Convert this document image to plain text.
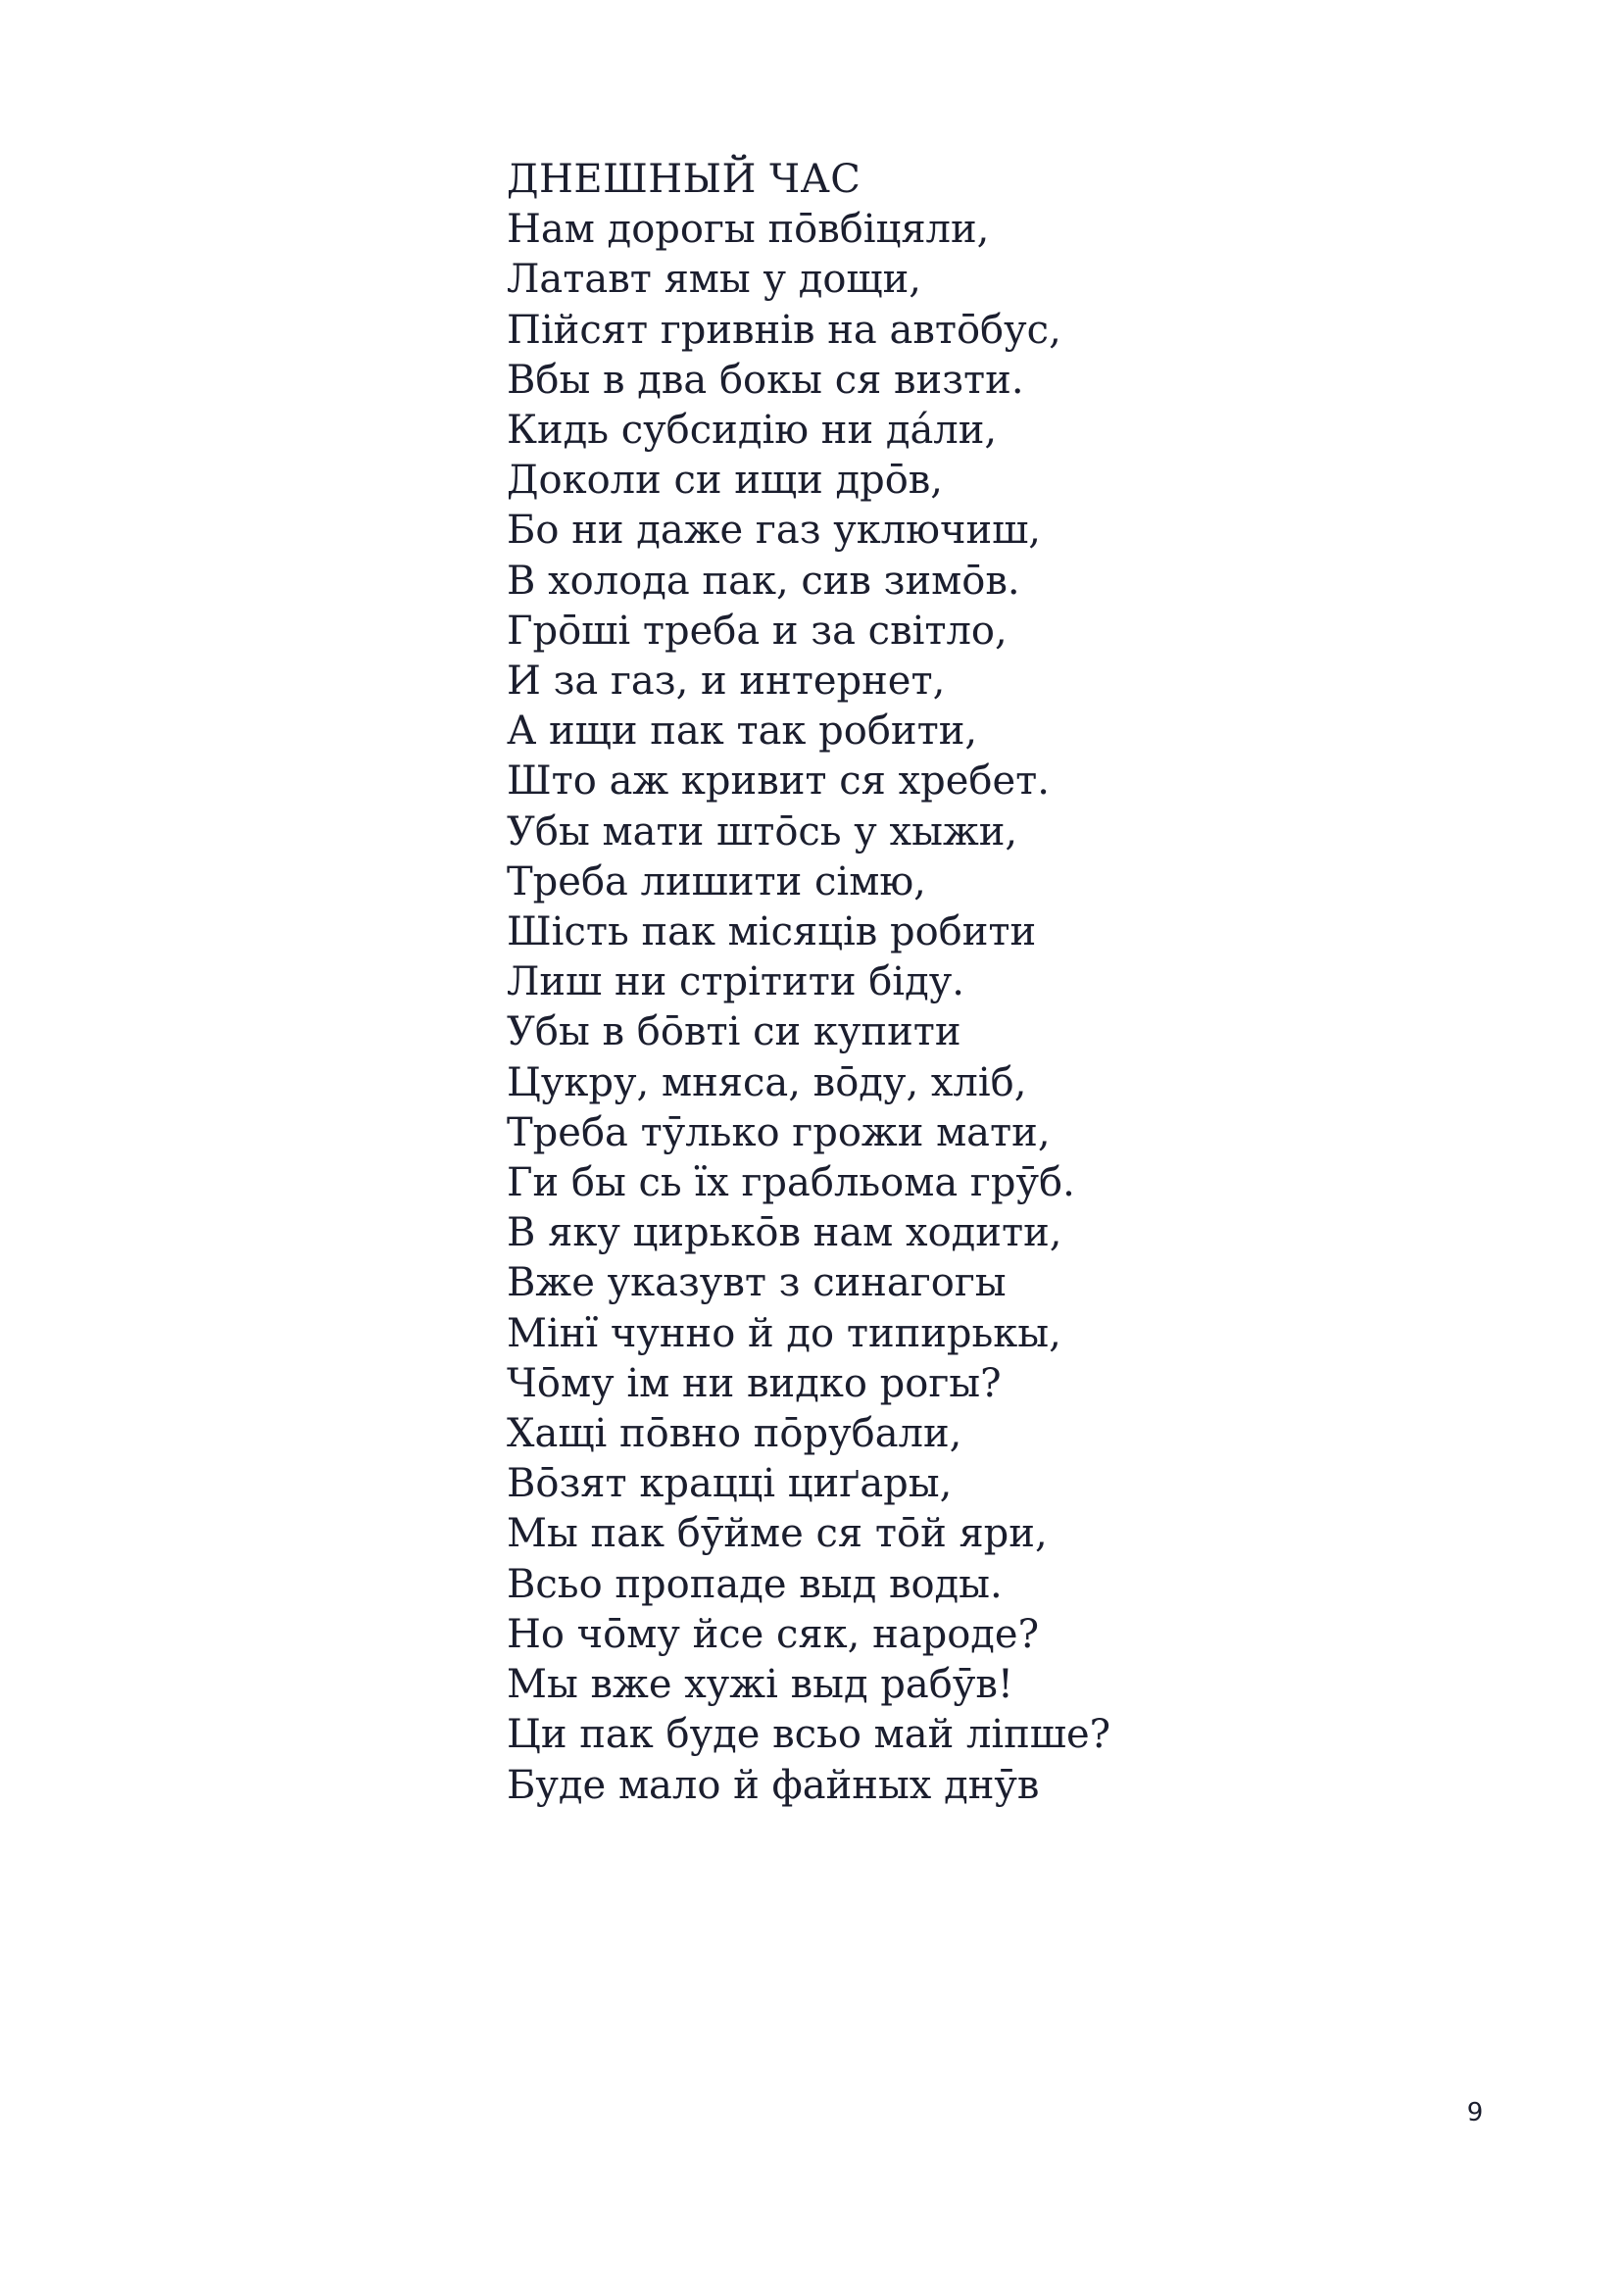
ДНЕШНЫЙ ЧАС
Нам дорогы пōвбіцяли,
Латавт ямы у дощи,
Пійсят гривнів на автōбус,
Вбы в два бокы ся визти.
Кидь субсидію ни да́ли,
Доколи си ищи дрōв,
Бо ни даже газ уключиш,
В холода пак, сив зимōв.
Грōші треба и за світло,
И за газ, и интернет,
А ищи пак так робити,
Што аж кривит ся хребет.
Убы мати штōсь у хыжи,
Треба лишити сімю,
Шість пак місяців робити
Лиш ни стрітити біду.
Убы в бōвті си купити
Цукру, мняса, вōду, хліб,
Треба тӯлько грожи мати,
Ги бы сь їх грабльома грӯб.
В яку цирькōв нам ходити,
Вже указувт з синагогы
Мінї чунно й до типирькы,
Чōму ім ни видко рогы?
Хащі пōвно пōрубали,
Вōзят крацці циґары,
Мы пак бӯйме ся тōй яри,
Всьо пропаде выд воды.
Но чōму йсе сяк, народе?
Мы вже хужі выд рабӯв!
Ци пак буде всьо май ліпше?
Буде мало й файных днӯв
9
